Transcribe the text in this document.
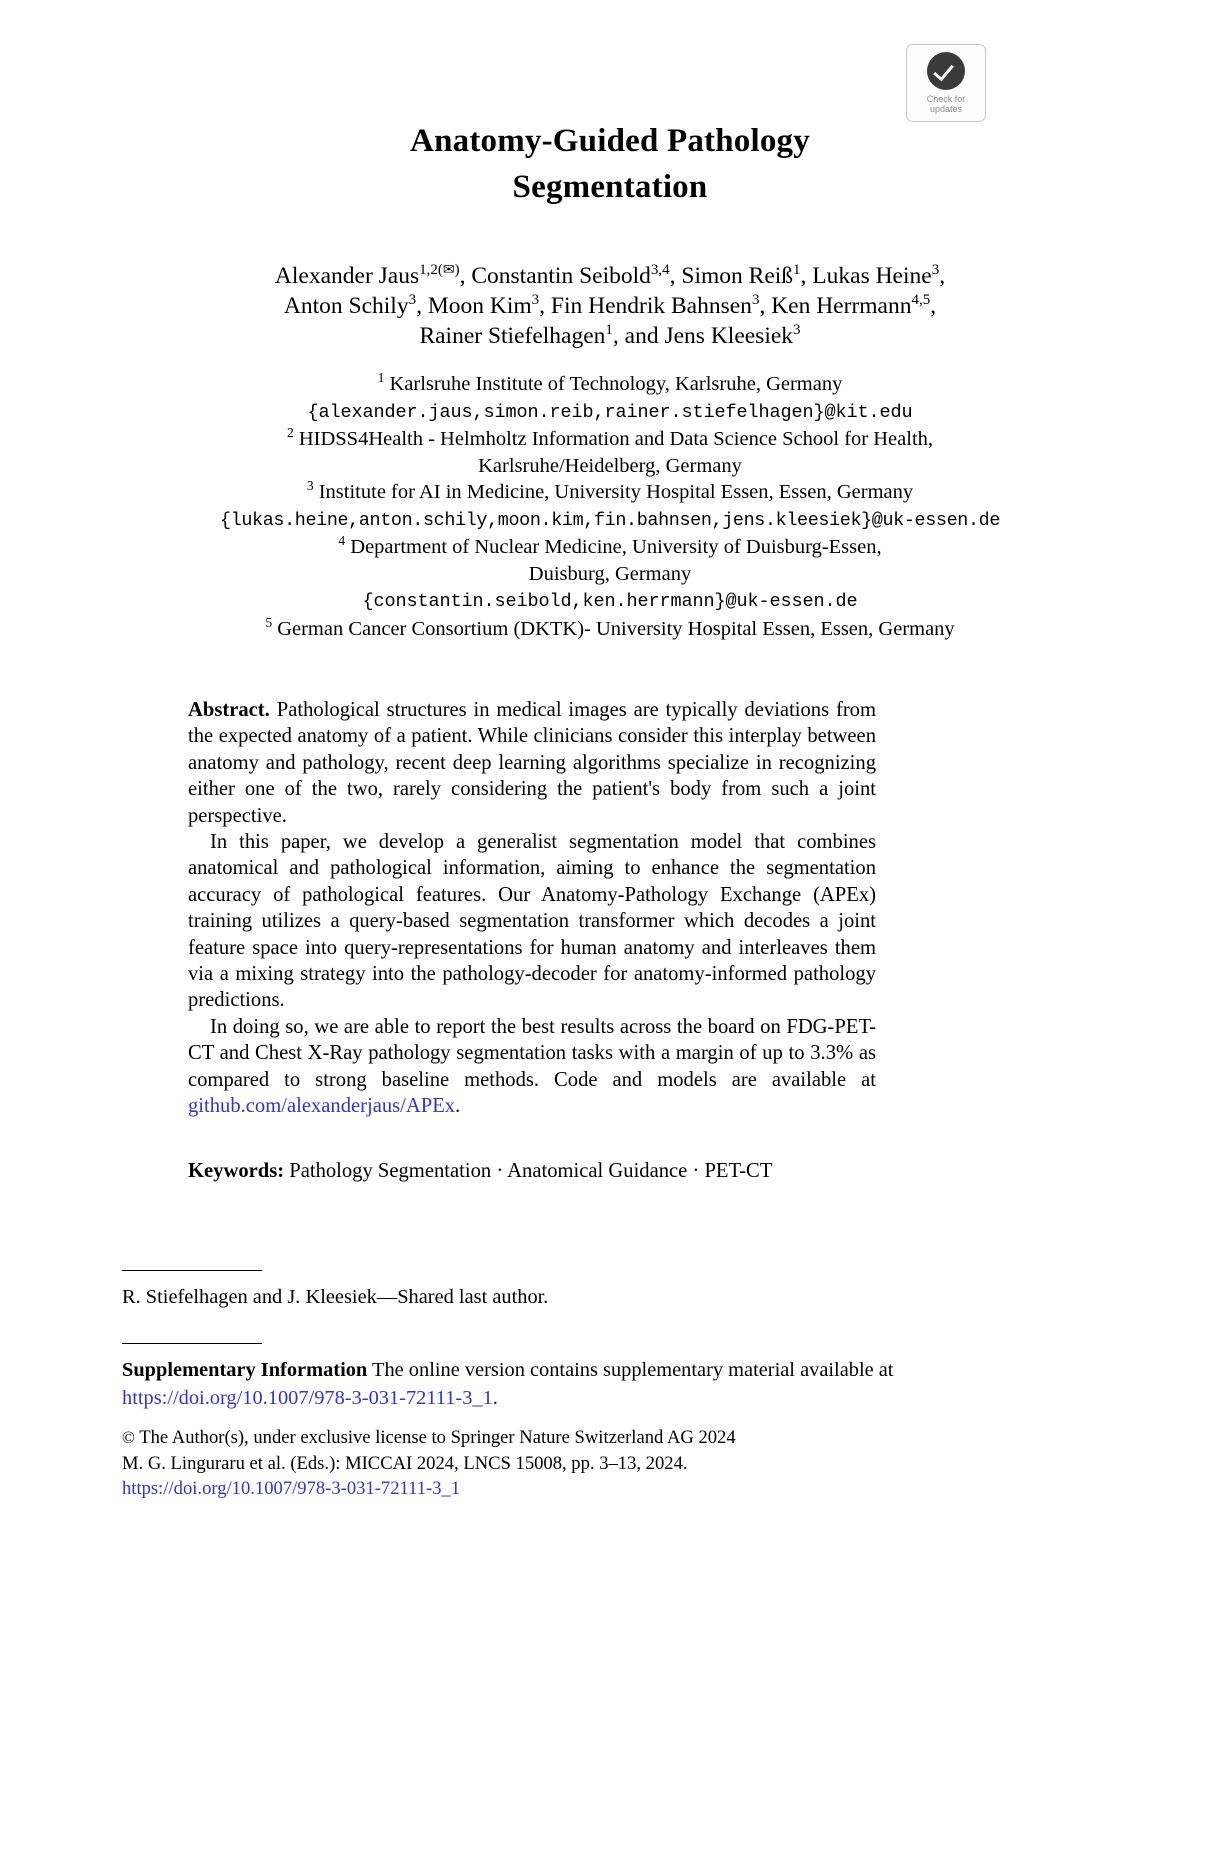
Check for
updates
Anatomy-Guided Pathology
Segmentation
Alexander Jaus$^{1,2(✉)}$, Constantin Seibold$^{3,4}$, Simon Reiß$^1$, Lukas Heine$^3$,
Anton Schily$^3$, Moon Kim$^3$, Fin Hendrik Bahnsen$^3$, Ken Herrmann$^{4,5}$,
Rainer Stiefelhagen$^1$, and Jens Kleesiek$^3$
$^1$ Karlsruhe Institute of Technology, Karlsruhe, Germany
{alexander.jaus,simon.reib,rainer.stiefelhagen}@kit.edu
$^2$ HIDSS4Health - Helmholtz Information and Data Science School for Health,
Karlsruhe/Heidelberg, Germany
$^3$ Institute for AI in Medicine, University Hospital Essen, Essen, Germany
{lukas.heine,anton.schily,moon.kim,fin.bahnsen,jens.kleesiek}@uk-essen.de
$^4$ Department of Nuclear Medicine, University of Duisburg-Essen,
Duisburg, Germany
{constantin.seibold,ken.herrmann}@uk-essen.de
$^5$ German Cancer Consortium (DKTK)- University Hospital Essen, Essen, Germany

Abstract. Pathological structures in medical images are typically deviations from the expected anatomy of a patient. While clinicians consider this interplay between anatomy and pathology, recent deep learning algorithms specialize in recognizing either one of the two, rarely considering the patient's body from such a joint perspective.

In this paper, we develop a generalist segmentation model that combines anatomical and pathological information, aiming to enhance the segmentation accuracy of pathological features. Our Anatomy-Pathology Exchange (APEx) training utilizes a query-based segmentation transformer which decodes a joint feature space into query-representations for human anatomy and interleaves them via a mixing strategy into the pathology-decoder for anatomy-informed pathology predictions.

In doing so, we are able to report the best results across the board on FDG-PET-CT and Chest X-Ray pathology segmentation tasks with a margin of up to 3.3% as compared to strong baseline methods. Code and models are available at github.com/alexanderjaus/APEx.

Keywords: Pathology Segmentation · Anatomical Guidance · PET-CT
R. Stiefelhagen and J. Kleesiek—Shared last author.
Supplementary Information The online version contains supplementary material available at https://doi.org/10.1007/978-3-031-72111-3_1.
© The Author(s), under exclusive license to Springer Nature Switzerland AG 2024
M. G. Linguraru et al. (Eds.): MICCAI 2024, LNCS 15008, pp. 3–13, 2024.
https://doi.org/10.1007/978-3-031-72111-3_1
